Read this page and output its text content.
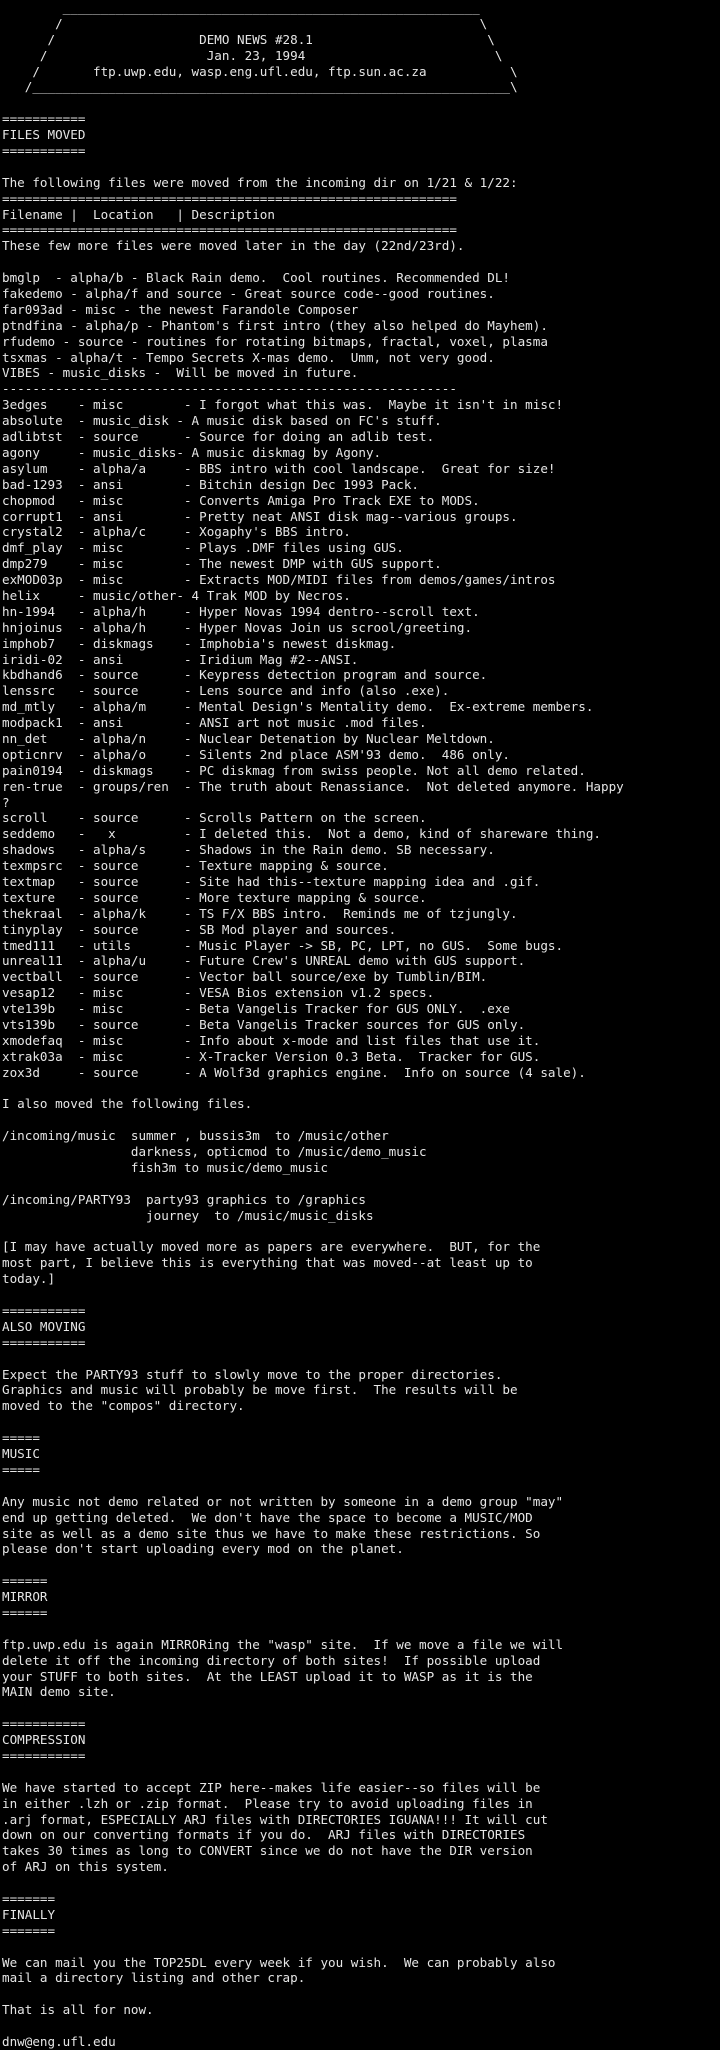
_______________________________________________________
/                                                       \
/                   DEMO NEWS #28.1                       \
/                     Jan. 23, 1994                         \
/       ftp.uwp.edu, wasp.eng.ufl.edu, ftp.sun.ac.za           \
/_______________________________________________________________\
===========
FILES MOVED
===========
The following files were moved from the incoming dir on 1/21 & 1/22:
============================================================
Filename |  Location   | Description
============================================================
These few more files were moved later in the day (22nd/23rd).
bmglp  - alpha/b - Black Rain demo.  Cool routines. Recommended DL!
fakedemo - alpha/f and source - Great source code--good routines.
far093ad - misc - the newest Farandole Composer
ptndfina - alpha/p - Phantom's first intro (they also helped do Mayhem).
rfudemo - source - routines for rotating bitmaps, fractal, voxel, plasma
tsxmas - alpha/t - Tempo Secrets X-mas demo.  Umm, not very good.
VIBES - music_disks -  Will be moved in future.
------------------------------------------------------------
3edges    - misc        - I forgot what this was.  Maybe it isn't in misc!
absolute  - music_disk - A music disk based on FC's stuff.
adlibtst  - source      - Source for doing an adlib test.
agony     - music_disks- A music diskmag by Agony.
asylum    - alpha/a     - BBS intro with cool landscape.  Great for size!
bad-1293  - ansi        - Bitchin design Dec 1993 Pack.
chopmod   - misc        - Converts Amiga Pro Track EXE to MODS.
corrupt1  - ansi        - Pretty neat ANSI disk mag--various groups.
crystal2  - alpha/c     - Xogaphy's BBS intro.
dmf_play  - misc        - Plays .DMF files using GUS.
dmp279    - misc        - The newest DMP with GUS support.
exMOD03p  - misc        - Extracts MOD/MIDI files from demos/games/intros
helix     - music/other- 4 Trak MOD by Necros.
hn-1994   - alpha/h     - Hyper Novas 1994 dentro--scroll text.
hnjoinus  - alpha/h     - Hyper Novas Join us scrool/greeting.
imphob7   - diskmags    - Imphobia's newest diskmag.
iridi-02  - ansi        - Iridium Mag #2--ANSI.
kbdhand6  - source      - Keypress detection program and source.
lenssrc   - source      - Lens source and info (also .exe).
md_mtly   - alpha/m     - Mental Design's Mentality demo.  Ex-extreme members.
modpack1  - ansi        - ANSI art not music .mod files.
nn_det    - alpha/n     - Nuclear Detenation by Nuclear Meltdown.
opticnrv  - alpha/o     - Silents 2nd place ASM'93 demo.  486 only.
pain0194  - diskmags    - PC diskmag from swiss people. Not all demo related.
ren-true  - groups/ren  - The truth about Renassiance.  Not deleted anymore. Happy
?
scroll    - source      - Scrolls Pattern on the screen.
seddemo   -   x         - I deleted this.  Not a demo, kind of shareware thing.
shadows   - alpha/s     - Shadows in the Rain demo. SB necessary.
texmpsrc  - source      - Texture mapping & source.
textmap   - source      - Site had this--texture mapping idea and .gif.
texture   - source      - More texture mapping & source.
thekraal  - alpha/k     - TS F/X BBS intro.  Reminds me of tzjungly.
tinyplay  - source      - SB Mod player and sources.
tmed111   - utils       - Music Player -> SB, PC, LPT, no GUS.  Some bugs.
unreal11  - alpha/u     - Future Crew's UNREAL demo with GUS support.
vectball  - source      - Vector ball source/exe by Tumblin/BIM.
vesap12   - misc        - VESA Bios extension v1.2 specs.
vte139b   - misc        - Beta Vangelis Tracker for GUS ONLY.  .exe
vts139b   - source      - Beta Vangelis Tracker sources for GUS only.
xmodefaq  - misc        - Info about x-mode and list files that use it.
xtrak03a  - misc        - X-Tracker Version 0.3 Beta.  Tracker for GUS.
zox3d     - source      - A Wolf3d graphics engine.  Info on source (4 sale).
I also moved the following files.
/incoming/music  summer , bussis3m  to /music/other
darkness, opticmod to /music/demo_music
fish3m to music/demo_music
/incoming/PARTY93  party93 graphics to /graphics
journey  to /music/music_disks
[I may have actually moved more as papers are everywhere.  BUT, for the
most part, I believe this is everything that was moved--at least up to
today.]
===========
ALSO MOVING
===========
Expect the PARTY93 stuff to slowly move to the proper directories.
Graphics and music will probably be move first.  The results will be
moved to the "compos" directory.
=====
MUSIC
=====
Any music not demo related or not written by someone in a demo group "may"
end up getting deleted.  We don't have the space to become a MUSIC/MOD
site as well as a demo site thus we have to make these restrictions. So
please don't start uploading every mod on the planet.
======
MIRROR
======
ftp.uwp.edu is again MIRRORing the "wasp" site.  If we move a file we will
delete it off the incoming directory of both sites!  If possible upload
your STUFF to both sites.  At the LEAST upload it to WASP as it is the
MAIN demo site.
===========
COMPRESSION
===========
We have started to accept ZIP here--makes life easier--so files will be
in either .lzh or .zip format.  Please try to avoid uploading files in
.arj format, ESPECIALLY ARJ files with DIRECTORIES IGUANA!!! It will cut
down on our converting formats if you do.  ARJ files with DIRECTORIES
takes 30 times as long to CONVERT since we do not have the DIR version
of ARJ on this system.
=======
FINALLY
=======
We can mail you the TOP25DL every week if you wish.  We can probably also
mail a directory listing and other crap.
That is all for now.
dnw@eng.ufl.edu
